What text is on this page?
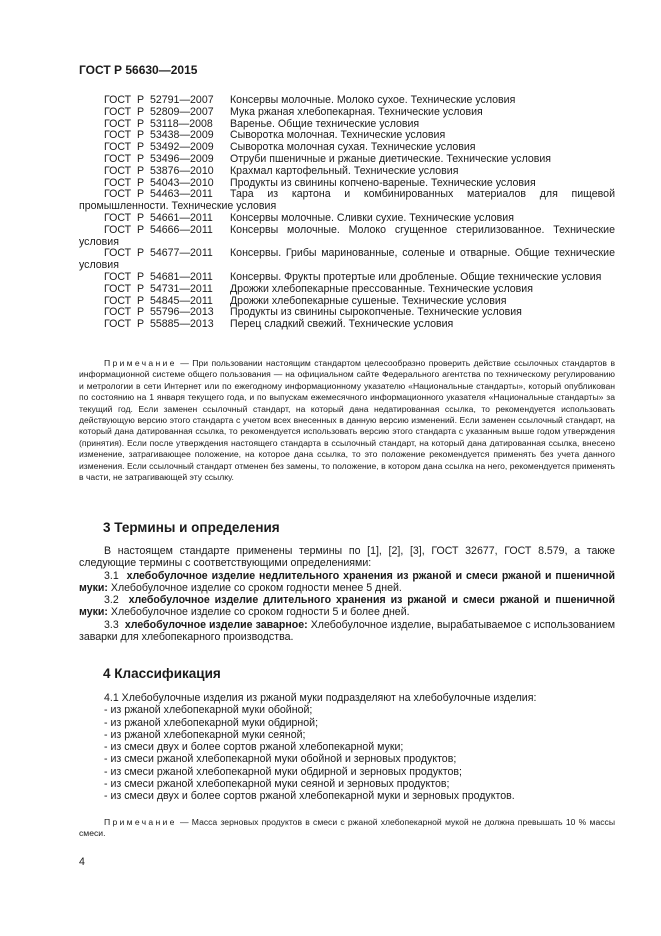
ГОСТ Р 56630—2015
ГОСТ  Р  52791—2007 Консервы молочные. Молоко сухое. Технические условия
ГОСТ  Р  52809—2007 Мука ржаная хлебопекарная. Технические условия
ГОСТ  Р  53118—2008 Варенье. Общие технические условия
ГОСТ  Р  53438—2009 Сыворотка молочная. Технические условия
ГОСТ  Р  53492—2009 Сыворотка молочная сухая. Технические условия
ГОСТ  Р  53496—2009 Отруби пшеничные и ржаные диетические. Технические условия
ГОСТ  Р  53876—2010 Крахмал картофельный. Технические условия
ГОСТ  Р  54043—2010 Продукты из свинины копчено-вареные. Технические условия
ГОСТ  Р  54463—2011 Тара из картона и комбинированных материалов для пищевой промышленности. Технические условия
ГОСТ  Р  54661—2011 Консервы молочные. Сливки сухие. Технические условия
ГОСТ  Р  54666—2011 Консервы молочные. Молоко сгущенное стерилизованное. Технические условия
ГОСТ  Р  54677—2011 Консервы. Грибы маринованные, соленые и отварные. Общие технические условия
ГОСТ  Р  54681—2011 Консервы. Фрукты протертые или дробленые. Общие технические условия
ГОСТ  Р  54731—2011 Дрожжи хлебопекарные прессованные. Технические условия
ГОСТ  Р  54845—2011 Дрожжи хлебопекарные сушеные. Технические условия
ГОСТ  Р  55796—2013 Продукты из свинины сырокопченые. Технические условия
ГОСТ  Р  55885—2013 Перец сладкий свежий. Технические условия
Примечание — При пользовании настоящим стандартом целесообразно проверить действие ссылочных стандартов в информационной системе общего пользования — на официальном сайте Федерального агентства по техническому регулированию и метрологии в сети Интернет или по ежегодному информационному указателю «Национальные стандарты», который опубликован по состоянию на 1 января текущего года, и по выпускам ежемесячного информационного указателя «Национальные стандарты» за текущий год. Если заменен ссылочный стандарт, на который дана недатированная ссылка, то рекомендуется использовать действующую версию этого стандарта с учетом всех внесенных в данную версию изменений. Если заменен ссылочный стандарт, на который дана датированная ссылка, то рекомендуется использовать версию этого стандарта с указанным выше годом утверждения (принятия). Если после утверждения настоящего стандарта в ссылочный стандарт, на который дана датированная ссылка, внесено изменение, затрагивающее положение, на которое дана ссылка, то это положение рекомендуется применять без учета данного изменения. Если ссылочный стандарт отменен без замены, то положение, в котором дана ссылка на него, рекомендуется применять в части, не затрагивающей эту ссылку.
3 Термины и определения

В настоящем стандарте применены термины по [1], [2], [3], ГОСТ 32677, ГОСТ 8.579, а также следующие термины с соответствующими определениями:

3.1 хлебобулочное изделие недлительного хранения из ржаной и смеси ржаной и пшеничной муки: Хлебобулочное изделие со сроком годности менее 5 дней.

3.2 хлебобулочное изделие длительного хранения из ржаной и смеси ржаной и пшеничной муки: Хлебобулочное изделие со сроком годности 5 и более дней.

3.3 хлебобулочное изделие заварное: Хлебобулочное изделие, вырабатываемое с использованием заварки для хлебопекарного производства.

4 Классификация

4.1 Хлебобулочные изделия из ржаной муки подразделяют на хлебобулочные изделия:

- из ржаной хлебопекарной муки обойной;

- из ржаной хлебопекарной муки обдирной;

- из ржаной хлебопекарной муки сеяной;

- из смеси двух и более сортов ржаной хлебопекарной муки;

- из смеси ржаной хлебопекарной муки обойной и зерновых продуктов;

- из смеси ржаной хлебопекарной муки обдирной и зерновых продуктов;

- из смеси ржаной хлебопекарной муки сеяной и зерновых продуктов;

- из смеси двух и более сортов ржаной хлебопекарной муки и зерновых продуктов.

Примечание — Масса зерновых продуктов в смеси с ржаной хлебопекарной мукой не должна превышать 10 % массы смеси.
4
